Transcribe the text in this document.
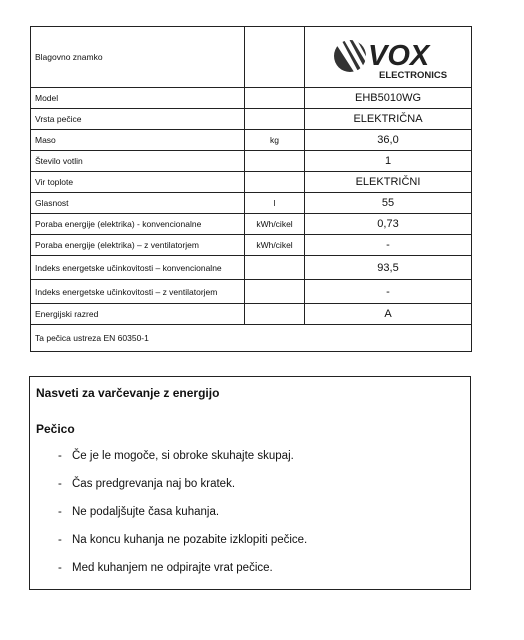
Blagovno znamko		VOX
ELECTRONICS

Model		EHB5010WG
Vrsta pečice		ELEKTRIČNA
Maso	kg	36,0
Število votlin		1
Vir toplote		ELEKTRIČNI
Glasnost	l	55
Poraba energije (elektrika) - konvencionalne	kWh/cikel	0,73
Poraba energije (elektrika) – z ventilatorjem	kWh/cikel	-
Indeks energetske učinkovitosti – konvencionalne		93,5
Indeks energetske učinkovitosti – z ventilatorjem		-
Energijski razred		A
Ta pečica ustreza EN 60350-1		
Nasveti za varčevanje z energijo
Pečico
- Če je le mogoče, si obroke skuhajte skupaj.
- Čas predgrevanja naj bo kratek.
- Ne podaljšujte časa kuhanja.
- Na koncu kuhanja ne pozabite izklopiti pečice.
- Med kuhanjem ne odpirajte vrat pečice.
